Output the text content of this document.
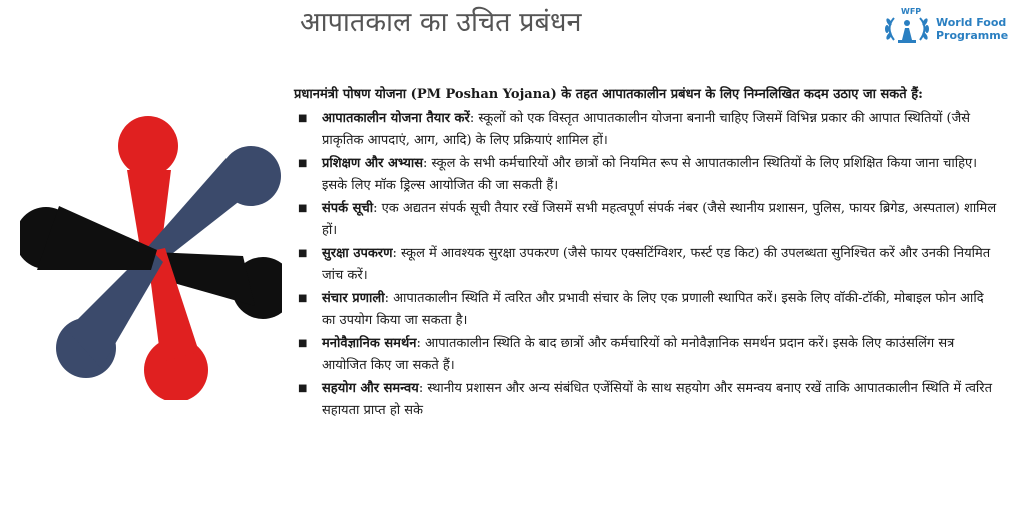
आपातकाल का उचित प्रबंधन	WFP
World Food
Programme

प्रधानमंत्री पोषण योजना (PM Poshan Yojana) के तहत आपातकालीन प्रबंधन के लिए निम्नलिखित कदम उठाए जा सकते हैं:

■ आपातकालीन योजना तैयार करें: स्कूलों को एक विस्तृत आपातकालीन योजना बनानी चाहिए जिसमें विभिन्न प्रकार की आपात स्थितियों (जैसे प्राकृतिक आपदाएं, आग, आदि) के लिए प्रक्रियाएं शामिल हों।
■ प्रशिक्षण और अभ्यास: स्कूल के सभी कर्मचारियों और छात्रों को नियमित रूप से आपातकालीन स्थितियों के लिए प्रशिक्षित किया जाना चाहिए। इसके लिए मॉक ड्रिल्स आयोजित की जा सकती हैं।
■ संपर्क सूची: एक अद्यतन संपर्क सूची तैयार रखें जिसमें सभी महत्वपूर्ण संपर्क नंबर (जैसे स्थानीय प्रशासन, पुलिस, फायर ब्रिगेड, अस्पताल) शामिल हों।
■ सुरक्षा उपकरण: स्कूल में आवश्यक सुरक्षा उपकरण (जैसे फायर एक्सटिंग्विशर, फर्स्ट एड किट) की उपलब्धता सुनिश्चित करें और उनकी नियमित जांच करें।
■ संचार प्रणाली: आपातकालीन स्थिति में त्वरित और प्रभावी संचार के लिए एक प्रणाली स्थापित करें। इसके लिए वॉकी-टॉकी, मोबाइल फोन आदि का उपयोग किया जा सकता है।
■ मनोवैज्ञानिक समर्थन: आपातकालीन स्थिति के बाद छात्रों और कर्मचारियों को मनोवैज्ञानिक समर्थन प्रदान करें। इसके लिए काउंसलिंग सत्र आयोजित किए जा सकते हैं।
■ सहयोग और समन्वय: स्थानीय प्रशासन और अन्य संबंधित एजेंसियों के साथ सहयोग और समन्वय बनाए रखें ताकि आपातकालीन स्थिति में त्वरित सहायता प्राप्त हो सके
